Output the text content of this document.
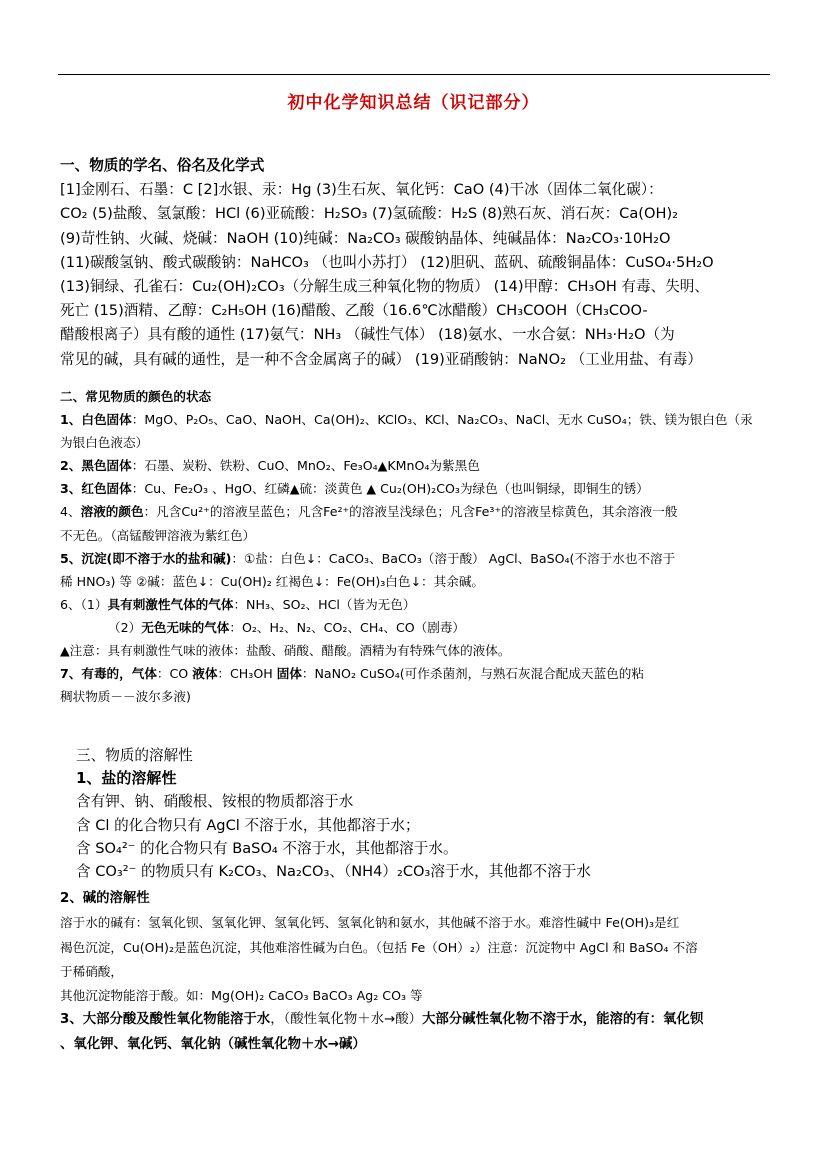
初中化学知识总结（识记部分）

一、物质的学名、俗名及化学式

[1]金刚石、石墨：C [2]水银、汞：Hg (3)生石灰、氧化钙：CaO (4)干冰（固体二氧化碳）：

CO₂ (5)盐酸、氢氯酸：HCl (6)亚硫酸：H₂SO₃ (7)氢硫酸：H₂S (8)熟石灰、消石灰：Ca(OH)₂

(9)苛性钠、火碱、烧碱：NaOH (10)纯碱：Na₂CO₃ 碳酸钠晶体、纯碱晶体：Na₂CO₃·10H₂O

(11)碳酸氢钠、酸式碳酸钠：NaHCO₃ （也叫小苏打） (12)胆矾、蓝矾、硫酸铜晶体：CuSO₄·5H₂O

(13)铜绿、孔雀石：Cu₂(OH)₂CO₃（分解生成三种氧化物的物质） (14)甲醇：CH₃OH 有毒、失明、

死亡 (15)酒精、乙醇：C₂H₅OH (16)醋酸、乙酸（16.6℃冰醋酸）CH₃COOH（CH₃COO-

醋酸根离子）具有酸的通性 (17)氨气：NH₃ （碱性气体） (18)氨水、一水合氨：NH₃·H₂O（为

常见的碱，具有碱的通性，是一种不含金属离子的碱） (19)亚硝酸钠：NaNO₂ （工业用盐、有毒）

二、常见物质的颜色的状态

1、白色固体：MgO、P₂O₅、CaO、NaOH、Ca(OH)₂、KClO₃、KCl、Na₂CO₃、NaCl、无水 CuSO₄；铁、镁为银白色（汞

为银白色液态）

2、黑色固体：石墨、炭粉、铁粉、CuO、MnO₂、Fe₃O₄▲KMnO₄为紫黑色

3、红色固体：Cu、Fe₂O₃ 、HgO、红磷▲硫：淡黄色 ▲ Cu₂(OH)₂CO₃为绿色（也叫铜绿，即铜生的锈）

4、溶液的颜色：凡含Cu²⁺的溶液呈蓝色；凡含Fe²⁺的溶液呈浅绿色；凡含Fe³⁺的溶液呈棕黄色，其余溶液一般

不无色。（高锰酸钾溶液为紫红色）

5、沉淀(即不溶于水的盐和碱)：①盐：白色↓：CaCO₃、BaCO₃（溶于酸） AgCl、BaSO₄(不溶于水也不溶于

稀 HNO₃) 等 ②碱：蓝色↓：Cu(OH)₂ 红褐色↓：Fe(OH)₃白色↓：其余碱。

6、（1）具有刺激性气体的气体：NH₃、SO₂、HCl（皆为无色）

（2）无色无味的气体：O₂、H₂、N₂、CO₂、CH₄、CO（剧毒）

▲注意：具有刺激性气味的液体：盐酸、硝酸、醋酸。酒精为有特殊气体的液体。

7、有毒的，气体：CO 液体：CH₃OH 固体：NaNO₂ CuSO₄(可作杀菌剂，与熟石灰混合配成天蓝色的粘

稠状物质－－波尔多液)

三、物质的溶解性

1、盐的溶解性

含有钾、钠、硝酸根、铵根的物质都溶于水

含 Cl 的化合物只有 AgCl 不溶于水，其他都溶于水；

含 SO₄²⁻ 的化合物只有 BaSO₄ 不溶于水，其他都溶于水。

含 CO₃²⁻ 的物质只有 K₂CO₃、Na₂CO₃、（NH4）₂CO₃溶于水，其他都不溶于水

2、碱的溶解性

溶于水的碱有：氢氧化钡、氢氧化钾、氢氧化钙、氢氧化钠和氨水，其他碱不溶于水。难溶性碱中 Fe(OH)₃是红

褐色沉淀，Cu(OH)₂是蓝色沉淀，其他难溶性碱为白色。（包括 Fe（OH）₂）注意：沉淀物中 AgCl 和 BaSO₄ 不溶

于稀硝酸，

其他沉淀物能溶于酸。如：Mg(OH)₂ CaCO₃ BaCO₃ Ag₂ CO₃ 等

3、大部分酸及酸性氧化物能溶于水，（酸性氧化物＋水→酸）大部分碱性氧化物不溶于水，能溶的有：氧化钡

、氧化钾、氧化钙、氧化钠（碱性氧化物＋水→碱）
